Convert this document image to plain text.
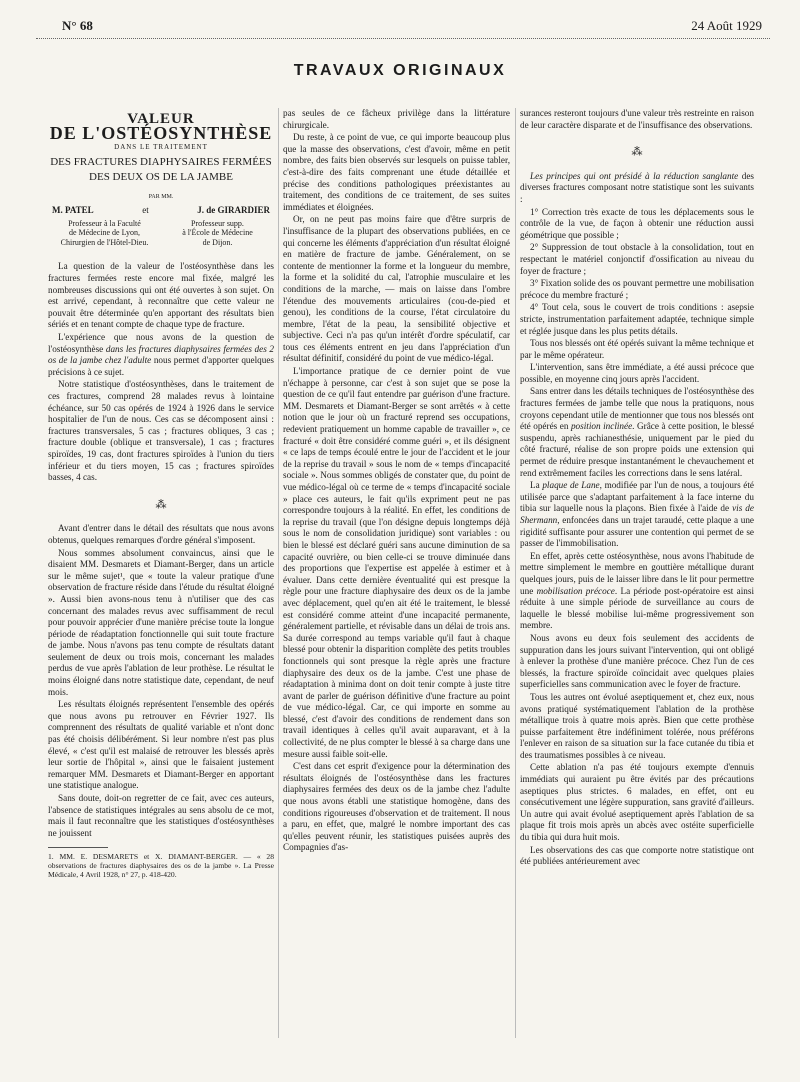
N° 68	24 Août 1929
TRAVAUX ORIGINAUX
VALEUR
DE L'OSTÉOSYNTHÈSE
DANS LE TRAITEMENT
DES FRACTURES DIAPHYSAIRES FERMÉES
DES DEUX OS DE LA JAMBE
PAR MM.
M. PATEL	et	J. de GIRARDIER
Professeur à la Faculté
de Médecine de Lyon,
Chirurgien de l'Hôtel-Dieu.
Professeur supp.
à l'École de Médecine
de Dijon.

La question de la valeur de l'ostéosynthèse dans les fractures fermées reste encore mal fixée, malgré les nombreuses discussions qui ont été ouvertes à son sujet. On est arrivé, cependant, à reconnaître que cette valeur ne pouvait être déterminée qu'en apportant des résultats bien sériés et en tenant compte de chaque type de fracture.

L'expérience que nous avons de la question de l'ostéosynthèse dans les fractures diaphysaires fermées des 2 os de la jambe chez l'adulte nous permet d'apporter quelques précisions à ce sujet.

Notre statistique d'ostéosynthèses, dans le traitement de ces fractures, comprend 28 malades revus à lointaine échéance, sur 50 cas opérés de 1924 à 1926 dans le service hospitalier de l'un de nous. Ces cas se décomposent ainsi : fractures transversales, 5 cas ; fractures obliques, 3 cas ; fracture double (oblique et transversale), 1 cas ; fractures spiroïdes, 19 cas, dont fractures spiroïdes à l'union du tiers inférieur et du tiers moyen, 15 cas ; fractures spiroïdes basses, 4 cas.

⁂

Avant d'entrer dans le détail des résultats que nous avons obtenus, quelques remarques d'ordre général s'imposent.

Nous sommes absolument convaincus, ainsi que le disaient MM. Desmarets et Diamant-Berger, dans un article sur le même sujet¹, que « toute la valeur pratique d'une observation de fracture réside dans l'étude du résultat éloigné ». Aussi bien avons-nous tenu à n'utiliser que des cas concernant des malades revus avec suffisamment de recul pour pouvoir apprécier d'une manière précise toute la longue période de réadaptation fonctionnelle qui suit toute fracture de jambe. Nous n'avons pas tenu compte de résultats datant seulement de deux ou trois mois, concernant les malades perdus de vue après l'ablation de leur prothèse. Le résultat le moins éloigné dans notre statistique date, cependant, de neuf mois.

Les résultats éloignés représentent l'ensemble des opérés que nous avons pu retrouver en Février 1927. Ils comprennent des résultats de qualité variable et n'ont donc pas été choisis délibérément. Si leur nombre n'est pas plus élevé, « c'est qu'il est malaisé de retrouver les blessés après leur sortie de l'hôpital », ainsi que le faisaient justement remarquer MM. Desmarets et Diamant-Berger en apportant une statistique analogue.

Sans doute, doit-on regretter de ce fait, avec ces auteurs, l'absence de statistiques intégrales au sens absolu de ce mot, mais il faut reconnaître que les statistiques d'ostéosynthèses ne jouissent

1. MM. E. DESMARETS et X. DIAMANT-BERGER. — « 28 observations de fractures diaphysaires des os de la jambe ». La Presse Médicale, 4 Avril 1928, n° 27, p. 418-420.

pas seules de ce fâcheux privilège dans la littérature chirurgicale.

Du reste, à ce point de vue, ce qui importe beaucoup plus que la masse des observations, c'est d'avoir, même en petit nombre, des faits bien observés sur lesquels on puisse tabler, c'est-à-dire des faits comprenant une étude détaillée et précise des conditions pathologiques préexistantes au traitement, des conditions de ce traitement, de ses suites immédiates et éloignées.

Or, on ne peut pas moins faire que d'être surpris de l'insuffisance de la plupart des observations publiées, en ce qui concerne les éléments d'appréciation d'un résultat éloigné en matière de fracture de jambe. Généralement, on se contente de mentionner la forme et la longueur du membre, la forme et la solidité du cal, l'atrophie musculaire et les conditions de la marche, — mais on laisse dans l'ombre l'étendue des mouvements articulaires (cou-de-pied et genou), les conditions de la course, l'état circulatoire du membre, l'état de la peau, la sensibilité objective et subjective. Ceci n'a pas qu'un intérêt d'ordre spéculatif, car tous ces éléments entrent en jeu dans l'appréciation d'un résultat définitif, considéré du point de vue médico-légal.

L'importance pratique de ce dernier point de vue n'échappe à personne, car c'est à son sujet que se pose la question de ce qu'il faut entendre par guérison d'une fracture. MM. Desmarets et Diamant-Berger se sont arrêtés « à cette notion que le jour où un fracturé reprend ses occupations, redevient pratiquement un homme capable de travailler », ce fracturé « doit être considéré comme guéri », et ils désignent « ce laps de temps écoulé entre le jour de l'accident et le jour de la reprise du travail » sous le nom de « temps d'incapacité sociale ». Nous sommes obligés de constater que, du point de vue médico-légal où ce terme de « temps d'incapacité sociale » place ces auteurs, le fait qu'ils expriment peut ne pas correspondre toujours à la réalité. En effet, les conditions de la reprise du travail (que l'on désigne depuis longtemps déjà sous le nom de consolidation juridique) sont variables : ou bien le blessé est déclaré guéri sans aucune diminution de sa capacité ouvrière, ou bien celle-ci se trouve diminuée dans des proportions que l'expertise est appelée à estimer et à évaluer. Dans cette dernière éventualité qui est presque la règle pour une fracture diaphysaire des deux os de la jambe avec déplacement, quel qu'en ait été le traitement, le blessé est considéré comme atteint d'une incapacité permanente, généralement partielle, et révisable dans un délai de trois ans. Sa durée correspond au temps variable qu'il faut à chaque blessé pour obtenir la disparition complète des petits troubles fonctionnels qui sont presque la règle après une fracture diaphysaire des deux os de la jambe. C'est une phase de réadaptation à minima dont on doit tenir compte à juste titre avant de parler de guérison définitive d'une fracture au point de vue médico-légal. Car, ce qui importe en somme au blessé, c'est d'avoir des conditions de rendement dans son travail identiques à celles qu'il avait auparavant, et à la collectivité, de ne plus compter le blessé à sa charge dans une mesure aussi faible soit-elle.

C'est dans cet esprit d'exigence pour la détermination des résultats éloignés de l'ostéosynthèse dans les fractures diaphysaires fermées des deux os de la jambe chez l'adulte que nous avons établi une statistique homogène, dans des conditions rigoureuses d'observation et de traitement. Il nous a paru, en effet, que, malgré le nombre important des cas qu'elles peuvent réunir, les statistiques puisées auprès des Compagnies d'as-

surances resteront toujours d'une valeur très restreinte en raison de leur caractère disparate et de l'insuffisance des observations.

⁂

Les principes qui ont présidé à la réduction sanglante des diverses fractures composant notre statistique sont les suivants :

1° Correction très exacte de tous les déplacements sous le contrôle de la vue, de façon à obtenir une réduction aussi géométrique que possible ;

2° Suppression de tout obstacle à la consolidation, tout en respectant le matériel conjonctif d'ossification au niveau du foyer de fracture ;

3° Fixation solide des os pouvant permettre une mobilisation précoce du membre fracturé ;

4° Tout cela, sous le couvert de trois conditions : asepsie stricte, instrumentation parfaitement adaptée, technique simple et réglée jusque dans les plus petits détails.

Tous nos blessés ont été opérés suivant la même technique et par le même opérateur.

L'intervention, sans être immédiate, a été aussi précoce que possible, en moyenne cinq jours après l'accident.

Sans entrer dans les détails techniques de l'ostéosynthèse des fractures fermées de jambe telle que nous la pratiquons, nous croyons cependant utile de mentionner que tous nos blessés ont été opérés en position inclinée. Grâce à cette position, le blessé suspendu, après rachianesthésie, uniquement par le pied du côté fracturé, réalise de son propre poids une extension qui permet de réduire presque instantanément le chevauchement et rend extrêmement faciles les corrections dans le sens latéral.

La plaque de Lane, modifiée par l'un de nous, a toujours été utilisée parce que s'adaptant parfaitement à la face interne du tibia sur laquelle nous la plaçons. Bien fixée à l'aide de vis de Shermann, enfoncées dans un trajet taraudé, cette plaque a une rigidité suffisante pour assurer une contention qui permet de se passer de l'immobilisation.

En effet, après cette ostéosynthèse, nous avons l'habitude de mettre simplement le membre en gouttière métallique durant quelques jours, puis de le laisser libre dans le lit pour permettre une mobilisation précoce. La période post-opératoire est ainsi réduite à une simple période de surveillance au cours de laquelle le blessé mobilise lui-même progressivement son membre.

Nous avons eu deux fois seulement des accidents de suppuration dans les jours suivant l'intervention, qui ont obligé à enlever la prothèse d'une manière précoce. Chez l'un de ces blessés, la fracture spiroïde coïncidait avec quelques plaies superficielles sans communication avec le foyer de fracture.

Tous les autres ont évolué aseptiquement et, chez eux, nous avons pratiqué systématiquement l'ablation de la prothèse métallique trois à quatre mois après. Bien que cette prothèse puisse parfaitement être indéfiniment tolérée, nous préférons l'enlever en raison de sa situation sur la face cutanée du tibia et des traumatismes possibles à ce niveau.

Cette ablation n'a pas été toujours exempte d'ennuis immédiats qui auraient pu être évités par des précautions aseptiques plus strictes. 6 malades, en effet, ont eu consécutivement une légère suppuration, sans gravité d'ailleurs. Un autre qui avait évolué aseptiquement après l'ablation de sa plaque fit trois mois après un abcès avec ostéite superficielle du tibia qui dura huit mois.

Les observations des cas que comporte notre statistique ont été publiées antérieurement avec
